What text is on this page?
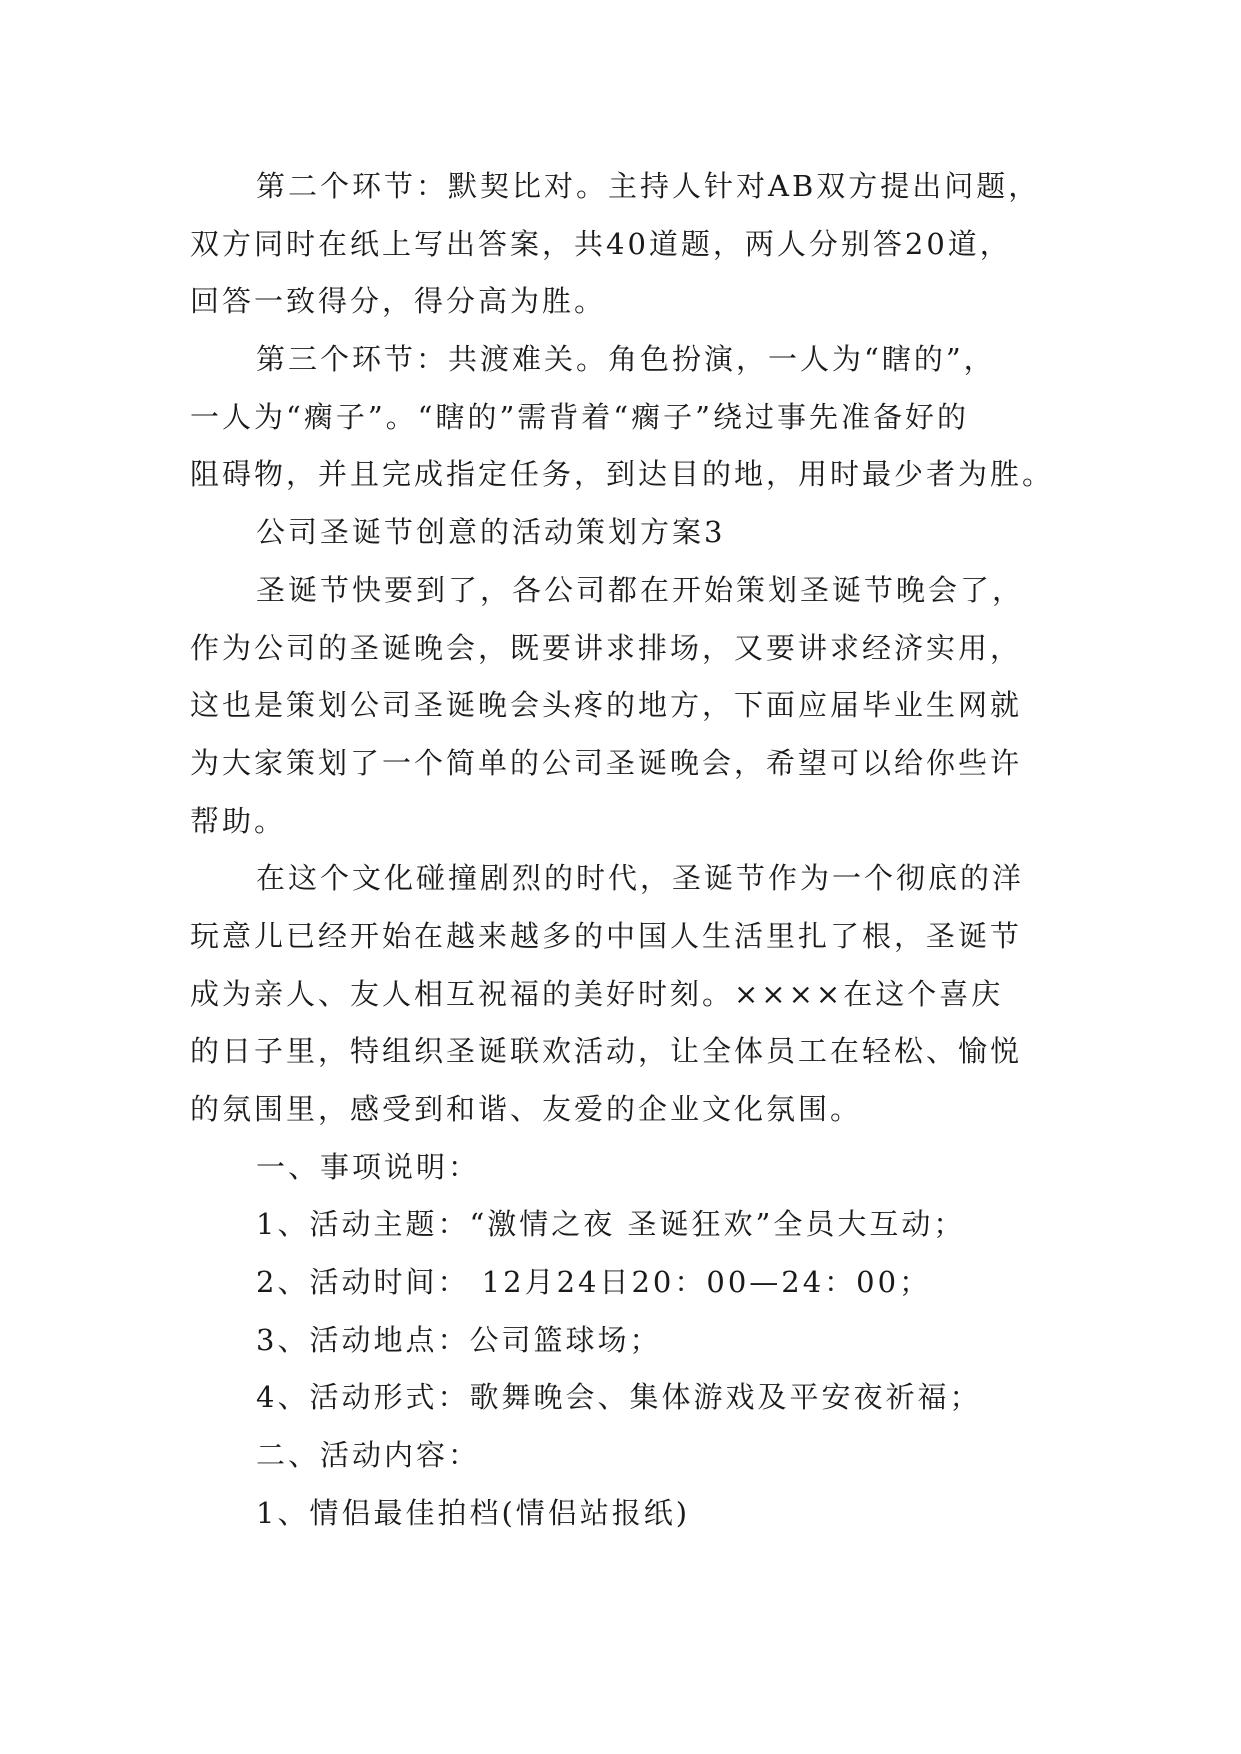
第二个环节：默契比对。主持人针对AB双方提出问题，
双方同时在纸上写出答案，共40道题，两人分别答20道，
回答一致得分，得分高为胜。
第三个环节：共渡难关。角色扮演，一人为“瞎的”，
一人为“瘸子”。“瞎的”需背着“瘸子”绕过事先准备好的
阻碍物，并且完成指定任务，到达目的地，用时最少者为胜。
公司圣诞节创意的活动策划方案3
圣诞节快要到了，各公司都在开始策划圣诞节晚会了，
作为公司的圣诞晚会，既要讲求排场，又要讲求经济实用，
这也是策划公司圣诞晚会头疼的地方，下面应届毕业生网就
为大家策划了一个简单的公司圣诞晚会，希望可以给你些许
帮助。
在这个文化碰撞剧烈的时代，圣诞节作为一个彻底的洋
玩意儿已经开始在越来越多的中国人生活里扎了根，圣诞节
成为亲人、友人相互祝福的美好时刻。××××在这个喜庆
的日子里，特组织圣诞联欢活动，让全体员工在轻松、愉悦
的氛围里，感受到和谐、友爱的企业文化氛围。
一、事项说明：
1、活动主题：“激情之夜 圣诞狂欢”全员大互动；
2、活动时间： 12月24日20：00—24：00；
3、活动地点：公司篮球场；
4、活动形式：歌舞晚会、集体游戏及平安夜祈福；
二、活动内容：
1、情侣最佳拍档(情侣站报纸)
